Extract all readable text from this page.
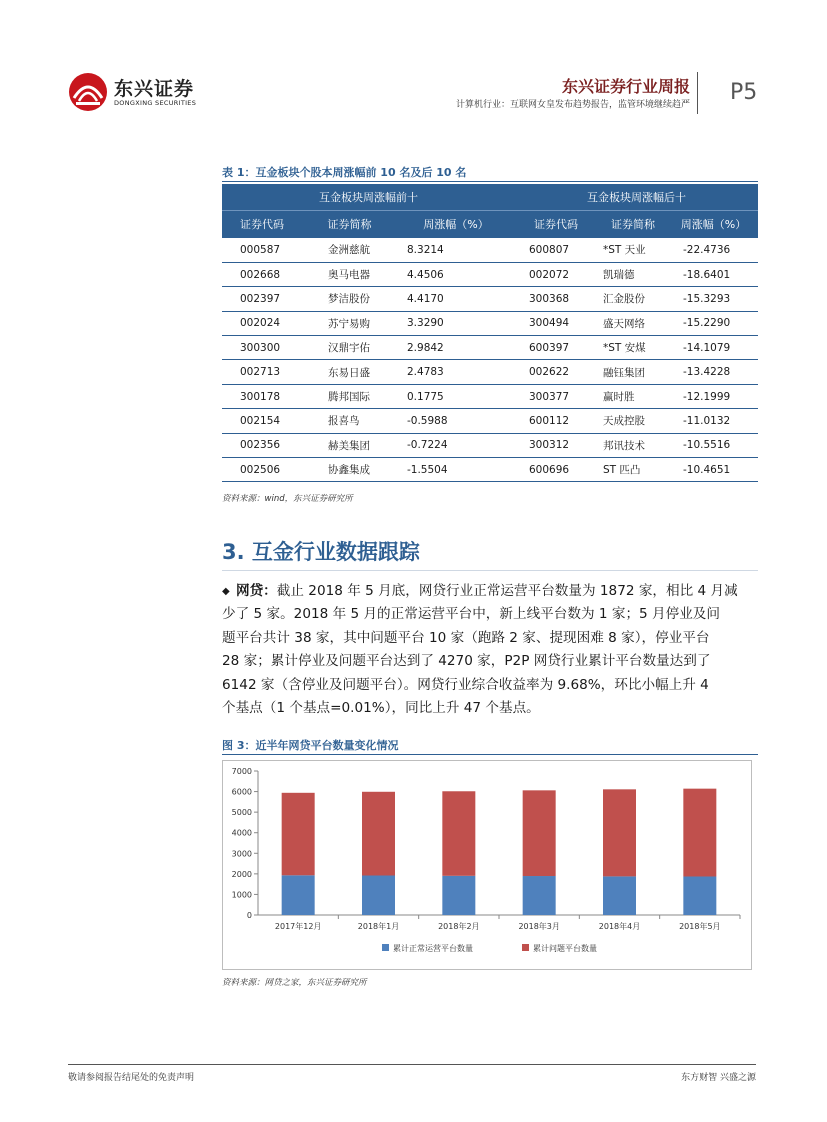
东兴证券
DONGXING SECURITIES
东兴证券行业周报
计算机行业：互联网女皇发布趋势报告，监管环境继续趋严 P5
表 1：互金板块个股本周涨幅前 10 名及后 10 名
互金板块周涨幅前十			互金板块周涨幅后十		
证券代码	证券简称	周涨幅（%）	证券代码	证券简称	周涨幅（%）
000587	金洲慈航	8.3214	600807	*ST 天业	-22.4736
002668	奥马电器	4.4506	002072	凯瑞德	-18.6401
002397	梦洁股份	4.4170	300368	汇金股份	-15.3293
002024	苏宁易购	3.3290	300494	盛天网络	-15.2290
300300	汉鼎宇佑	2.9842	600397	*ST 安煤	-14.1079
002713	东易日盛	2.4783	002622	融钰集团	-13.4228
300178	腾邦国际	0.1775	300377	赢时胜	-12.1999
002154	报喜鸟	-0.5988	600112	天成控股	-11.0132
002356	赫美集团	-0.7224	300312	邦讯技术	-10.5516
002506	协鑫集成	-1.5504	600696	ST 匹凸	-10.4651
资料来源：wind，东兴证券研究所
3. 互金行业数据跟踪
◆ 网贷：截止 2018 年 5 月底，网贷行业正常运营平台数量为 1872 家，相比 4 月减
少了 5 家。2018 年 5 月的正常运营平台中，新上线平台数为 1 家；5 月停业及问
题平台共计 38 家，其中问题平台 10 家（跑路 2 家、提现困难 8 家），停业平台
28 家；累计停业及问题平台达到了 4270 家，P2P 网贷行业累计平台数量达到了
6142 家（含停业及问题平台）。网贷行业综合收益率为 9.68%，环比小幅上升 4
个基点（1 个基点=0.01%），同比上升 47 个基点。
图 3：近半年网贷平台数量变化情况
0
1000
2000
3000
4000
5000
6000
7000
2017年12月	2018年1月	2018年2月	2018年3月	2018年4月	2018年5月
累计正常运营平台数量	累计问题平台数量
资料来源：网贷之家，东兴证券研究所
敬请参阅报告结尾处的免责声明	东方财智 兴盛之源
